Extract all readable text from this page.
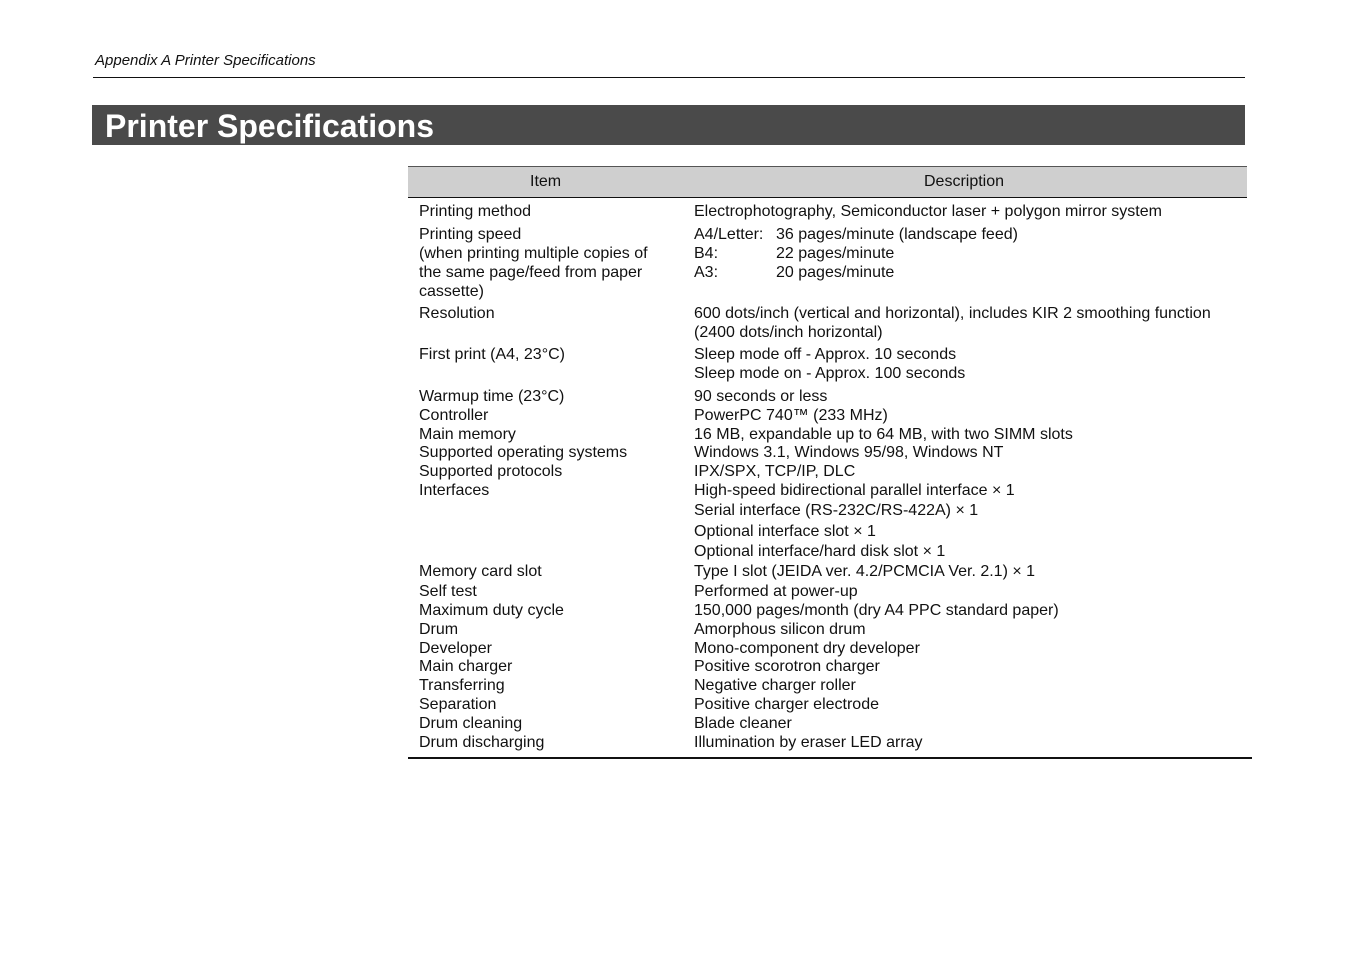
Appendix A Printer Specifications
Printer Specifications
Item	Description
Printing method	Electrophotography, Semiconductor laser + polygon mirror system
Printing speed
(when printing multiple copies of
the same page/feed from paper
cassette)
A4/Letter: 36 pages/minute (landscape feed)
B4:	22 pages/minute
A3:	20 pages/minute
Resolution	600 dots/inch (vertical and horizontal), includes KIR 2 smoothing function
(2400 dots/inch horizontal)
First print (A4, 23°C)	Sleep mode off - Approx. 10 seconds
Sleep mode on - Approx. 100 seconds
Warmup time (23°C)	90 seconds or less
Controller	PowerPC 740™ (233 MHz)
Main memory	16 MB, expandable up to 64 MB, with two SIMM slots
Supported operating systems	Windows 3.1, Windows 95/98, Windows NT
Supported protocols	IPX/SPX, TCP/IP, DLC
Interfaces	High-speed bidirectional parallel interface × 1
Serial interface (RS-232C/RS-422A) × 1
Optional interface slot × 1
Optional interface/hard disk slot × 1
Memory card slot	Type I slot (JEIDA ver. 4.2/PCMCIA Ver. 2.1) × 1
Self test	Performed at power-up
Maximum duty cycle	150,000 pages/month (dry A4 PPC standard paper)
Drum	Amorphous silicon drum
Developer	Mono-component dry developer
Main charger	Positive scorotron charger
Transferring	Negative charger roller
Separation	Positive charger electrode
Drum cleaning	Blade cleaner
Drum discharging	Illumination by eraser LED array
